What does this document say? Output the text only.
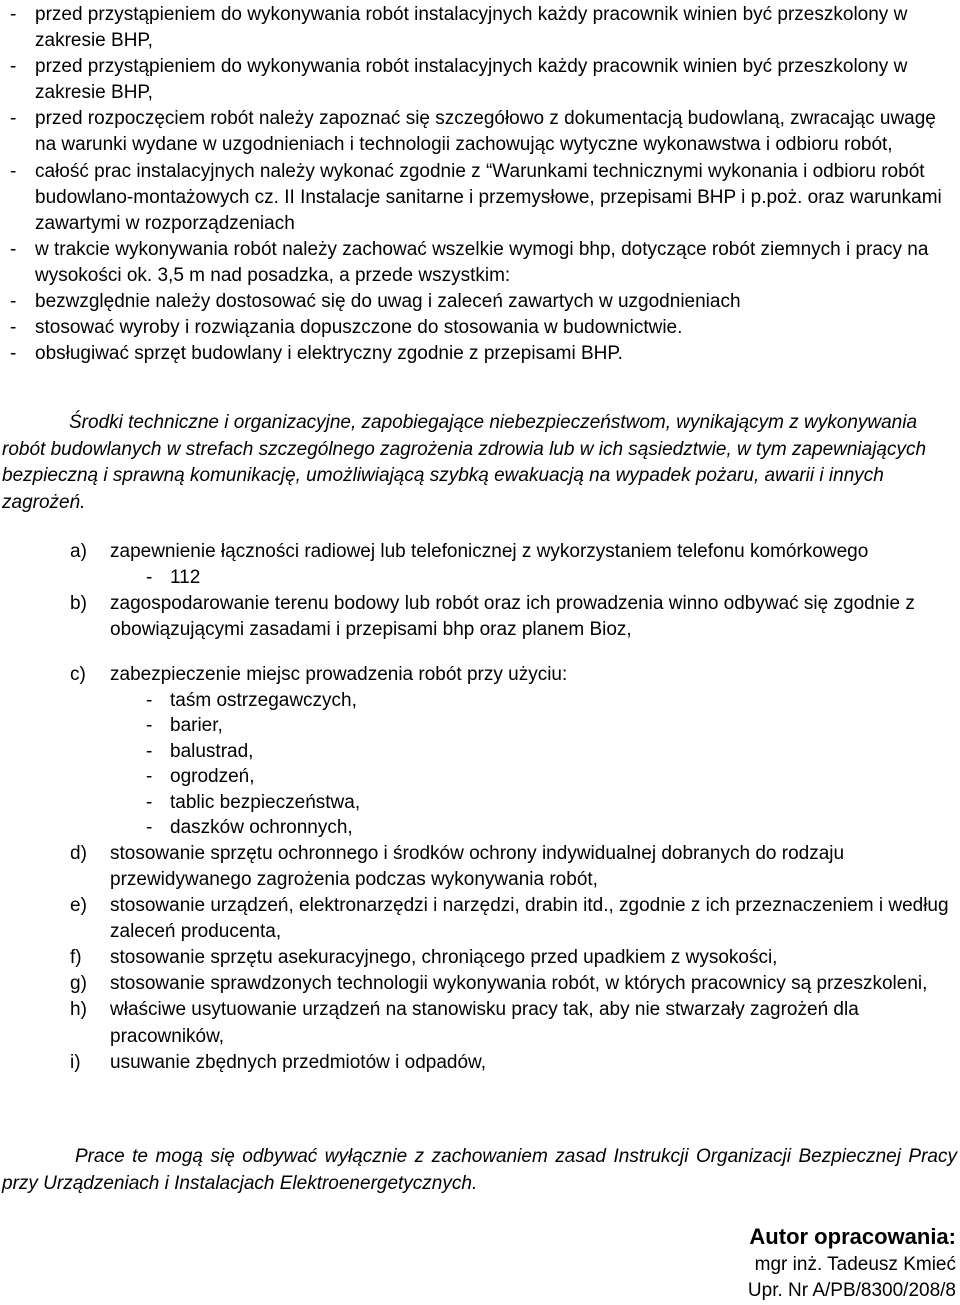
- przed przystąpieniem do wykonywania robót instalacyjnych każdy pracownik winien być przeszkolony w zakresie BHP,
- przed przystąpieniem do wykonywania robót instalacyjnych każdy pracownik winien być przeszkolony w zakresie BHP,
- przed rozpoczęciem robót należy zapoznać się szczegółowo z dokumentacją budowlaną, zwracając uwagę na warunki wydane w uzgodnieniach i technologii zachowując wytyczne wykonawstwa i odbioru robót,
- całość prac instalacyjnych należy wykonać zgodnie z “Warunkami technicznymi wykonania i odbioru robót budowlano-montażowych cz. II Instalacje sanitarne i przemysłowe, przepisami BHP i p.poż. oraz warunkami zawartymi w rozporządzeniach
- w trakcie wykonywania robót należy zachować wszelkie wymogi bhp, dotyczące robót ziemnych i pracy na wysokości ok. 3,5 m nad posadzka, a przede wszystkim:
- bezwzględnie należy dostosować się do uwag i zaleceń zawartych w uzgodnieniach
- stosować wyroby i rozwiązania dopuszczone do stosowania w budownictwie.
- obsługiwać sprzęt budowlany i elektryczny zgodnie z przepisami BHP.

Środki techniczne i organizacyjne, zapobiegające niebezpieczeństwom, wynikającym z wykonywania robót budowlanych w strefach szczególnego zagrożenia zdrowia lub w ich sąsiedztwie, w tym zapewniających bezpieczną i sprawną komunikację, umożliwiającą szybką ewakuacją na wypadek pożaru, awarii i innych zagrożeń.

a) zapewnienie łączności radiowej lub telefonicznej z wykorzystaniem telefonu komórkowego
- 112
b) zagospodarowanie terenu bodowy lub robót oraz ich prowadzenia winno odbywać się zgodnie z obowiązującymi zasadami i przepisami bhp oraz planem Bioz,
c) zabezpieczenie miejsc prowadzenia robót przy użyciu:
- taśm ostrzegawczych,
- barier,
- balustrad,
- ogrodzeń,
- tablic bezpieczeństwa,
- daszków ochronnych,
d) stosowanie sprzętu ochronnego i środków ochrony indywidualnej dobranych do rodzaju przewidywanego zagrożenia podczas wykonywania robót,
e) stosowanie urządzeń, elektronarzędzi i narzędzi, drabin itd., zgodnie z ich przeznaczeniem i według zaleceń producenta,
f) stosowanie sprzętu asekuracyjnego, chroniącego przed upadkiem z wysokości,
g) stosowanie sprawdzonych technologii wykonywania robót, w których pracownicy są przeszkoleni,
h) właściwe usytuowanie urządzeń na stanowisku pracy tak, aby nie stwarzały zagrożeń dla pracowników,
i) usuwanie zbędnych przedmiotów i odpadów,

Prace te mogą się odbywać wyłącznie z zachowaniem zasad Instrukcji Organizacji Bezpiecznej Pracy przy Urządzeniach i Instalacjach Elektroenergetycznych.

Autor opracowania:
mgr inż. Tadeusz Kmieć
Upr. Nr A/PB/8300/208/8
